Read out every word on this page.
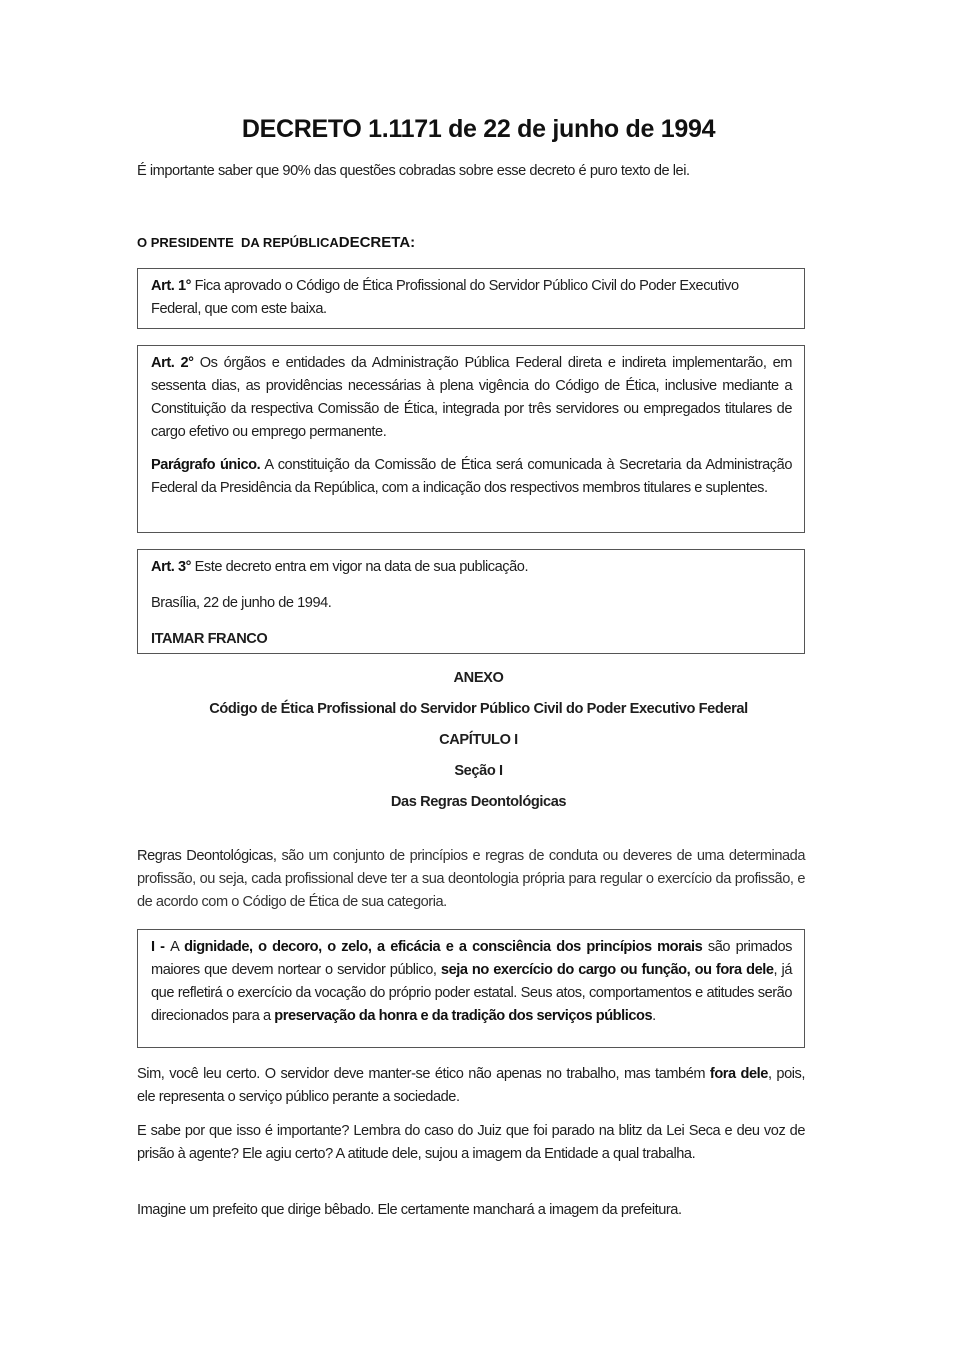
DECRETO 1.1171 de 22 de junho de 1994
É importante saber que 90% das questões cobradas sobre esse decreto é puro texto de lei.
O PRESIDENTE  DA REPÚBLICADECRETA:
Art. 1° Fica aprovado o Código de Ética Profissional do Servidor Público Civil do Poder Executivo Federal, que com este baixa.
Art. 2° Os órgãos e entidades da Administração Pública Federal direta e indireta implementarão, em sessenta dias, as providências necessárias à plena vigência do Código de Ética, inclusive mediante a Constituição da respectiva Comissão de Ética, integrada por três servidores ou empregados titulares de cargo efetivo ou emprego permanente.
Parágrafo único. A constituição da Comissão de Ética será comunicada à Secretaria da Administração Federal da Presidência da República, com a indicação dos respectivos membros titulares e suplentes.
Art. 3° Este decreto entra em vigor na data de sua publicação.
Brasília, 22 de junho de 1994.
ITAMAR FRANCO
ANEXO
Código de Ética Profissional do Servidor Público Civil do Poder Executivo Federal
CAPÍTULO I
Seção I
Das Regras Deontológicas
Regras Deontológicas, são um conjunto de princípios e regras de conduta ou deveres de uma determinada profissão, ou seja, cada profissional deve ter a sua deontologia própria para regular o exercício da profissão, e de acordo com o Código de Ética de sua categoria.
I - A dignidade, o decoro, o zelo, a eficácia e a consciência dos princípios morais são primados maiores que devem nortear o servidor público, seja no exercício do cargo ou função, ou fora dele, já que refletirá o exercício da vocação do próprio poder estatal. Seus atos, comportamentos e atitudes serão direcionados para a preservação da honra e da tradição dos serviços públicos.
Sim, você leu certo. O servidor deve manter-se ético não apenas no trabalho, mas também fora dele, pois, ele representa o serviço público perante a sociedade.
E sabe por que isso é importante? Lembra do caso do Juiz que foi parado na blitz da Lei Seca e deu voz de prisão à agente? Ele agiu certo? A atitude dele, sujou a imagem da Entidade a qual trabalha.
Imagine um prefeito que dirige bêbado. Ele certamente manchará a imagem da prefeitura.
